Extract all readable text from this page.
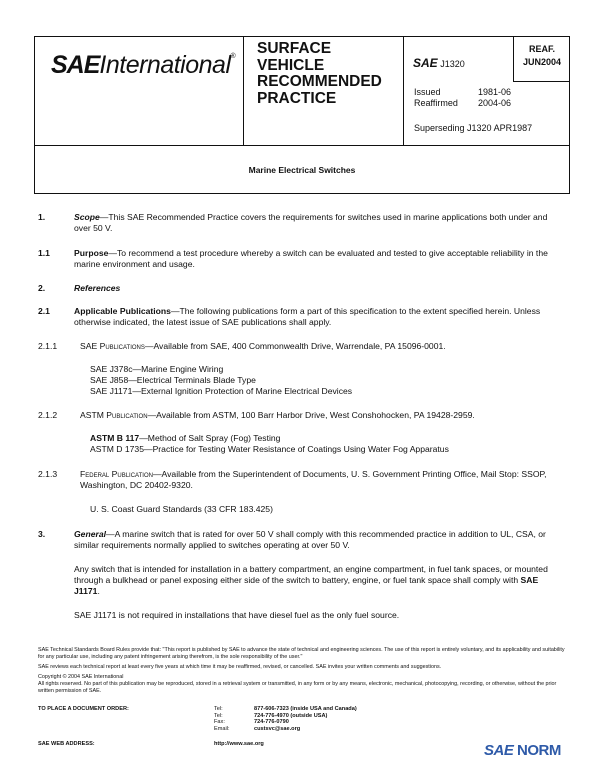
SAEInternational® SURFACE
VEHICLE
RECOMMENDED
PRACTICE
SAE J1320
REAF.
JUN2004
Issued	1981-06
Reaffirmed	2004-06
Superseding J1320 APR1987
Marine Electrical Switches
1.	Scope—This SAE Recommended Practice covers the requirements for switches used in marine applications both under and over 50 V.
1.1	Purpose—To recommend a test procedure whereby a switch can be evaluated and tested to give acceptable reliability in the marine environment and usage.
2.	References
2.1	Applicable Publications—The following publications form a part of this specification to the extent specified herein. Unless otherwise indicated, the latest issue of SAE publications shall apply.
2.1.1	SAE Publications—Available from SAE, 400 Commonwealth Drive, Warrendale, PA 15096-0001.
SAE J378c—Marine Engine Wiring
SAE J858—Electrical Terminals Blade Type
SAE J1171—External Ignition Protection of Marine Electrical Devices
2.1.2	ASTM Publication—Available from ASTM, 100 Barr Harbor Drive, West Conshohocken, PA 19428-2959.
ASTM B 117—Method of Salt Spray (Fog) Testing
ASTM D 1735—Practice for Testing Water Resistance of Coatings Using Water Fog Apparatus
2.1.3	Federal Publication—Available from the Superintendent of Documents, U. S. Government Printing Office, Mail Stop: SSOP, Washington, DC 20402-9320.
U. S. Coast Guard Standards (33 CFR 183.425)
3.	General—A marine switch that is rated for over 50 V shall comply with this recommended practice in addition to UL, CSA, or similar requirements normally applied to switches operating at over 50 V.
Any switch that is intended for installation in a battery compartment, an engine compartment, in fuel tank spaces, or mounted through a bulkhead or panel exposing either side of the switch to battery, engine, or fuel tank space shall comply with SAE J1171.
SAE J1171 is not required in installations that have diesel fuel as the only fuel source.
SAE Technical Standards Board Rules provide that: "This report is published by SAE to advance the state of technical and engineering sciences. The use of this report is entirely voluntary, and its applicability and suitability for any particular use, including any patent infringement arising therefrom, is the sole responsibility of the user."
SAE reviews each technical report at least every five years at which time it may be reaffirmed, revised, or cancelled. SAE invites your written comments and suggestions.
Copyright © 2004 SAE International
All rights reserved. No part of this publication may be reproduced, stored in a retrieval system or transmitted, in any form or by any means, electronic, mechanical, photocopying, recording, or otherwise, without the prior written permission of SAE.
TO PLACE A DOCUMENT ORDER:	Tel:	877-606-7323 (inside USA and Canada)
Tel:	724-776-4970 (outside USA)
Fax:	724-776-0790
Email:	custsvc@sae.org
SAE WEB ADDRESS:	http://www.sae.org	SAE NORM
